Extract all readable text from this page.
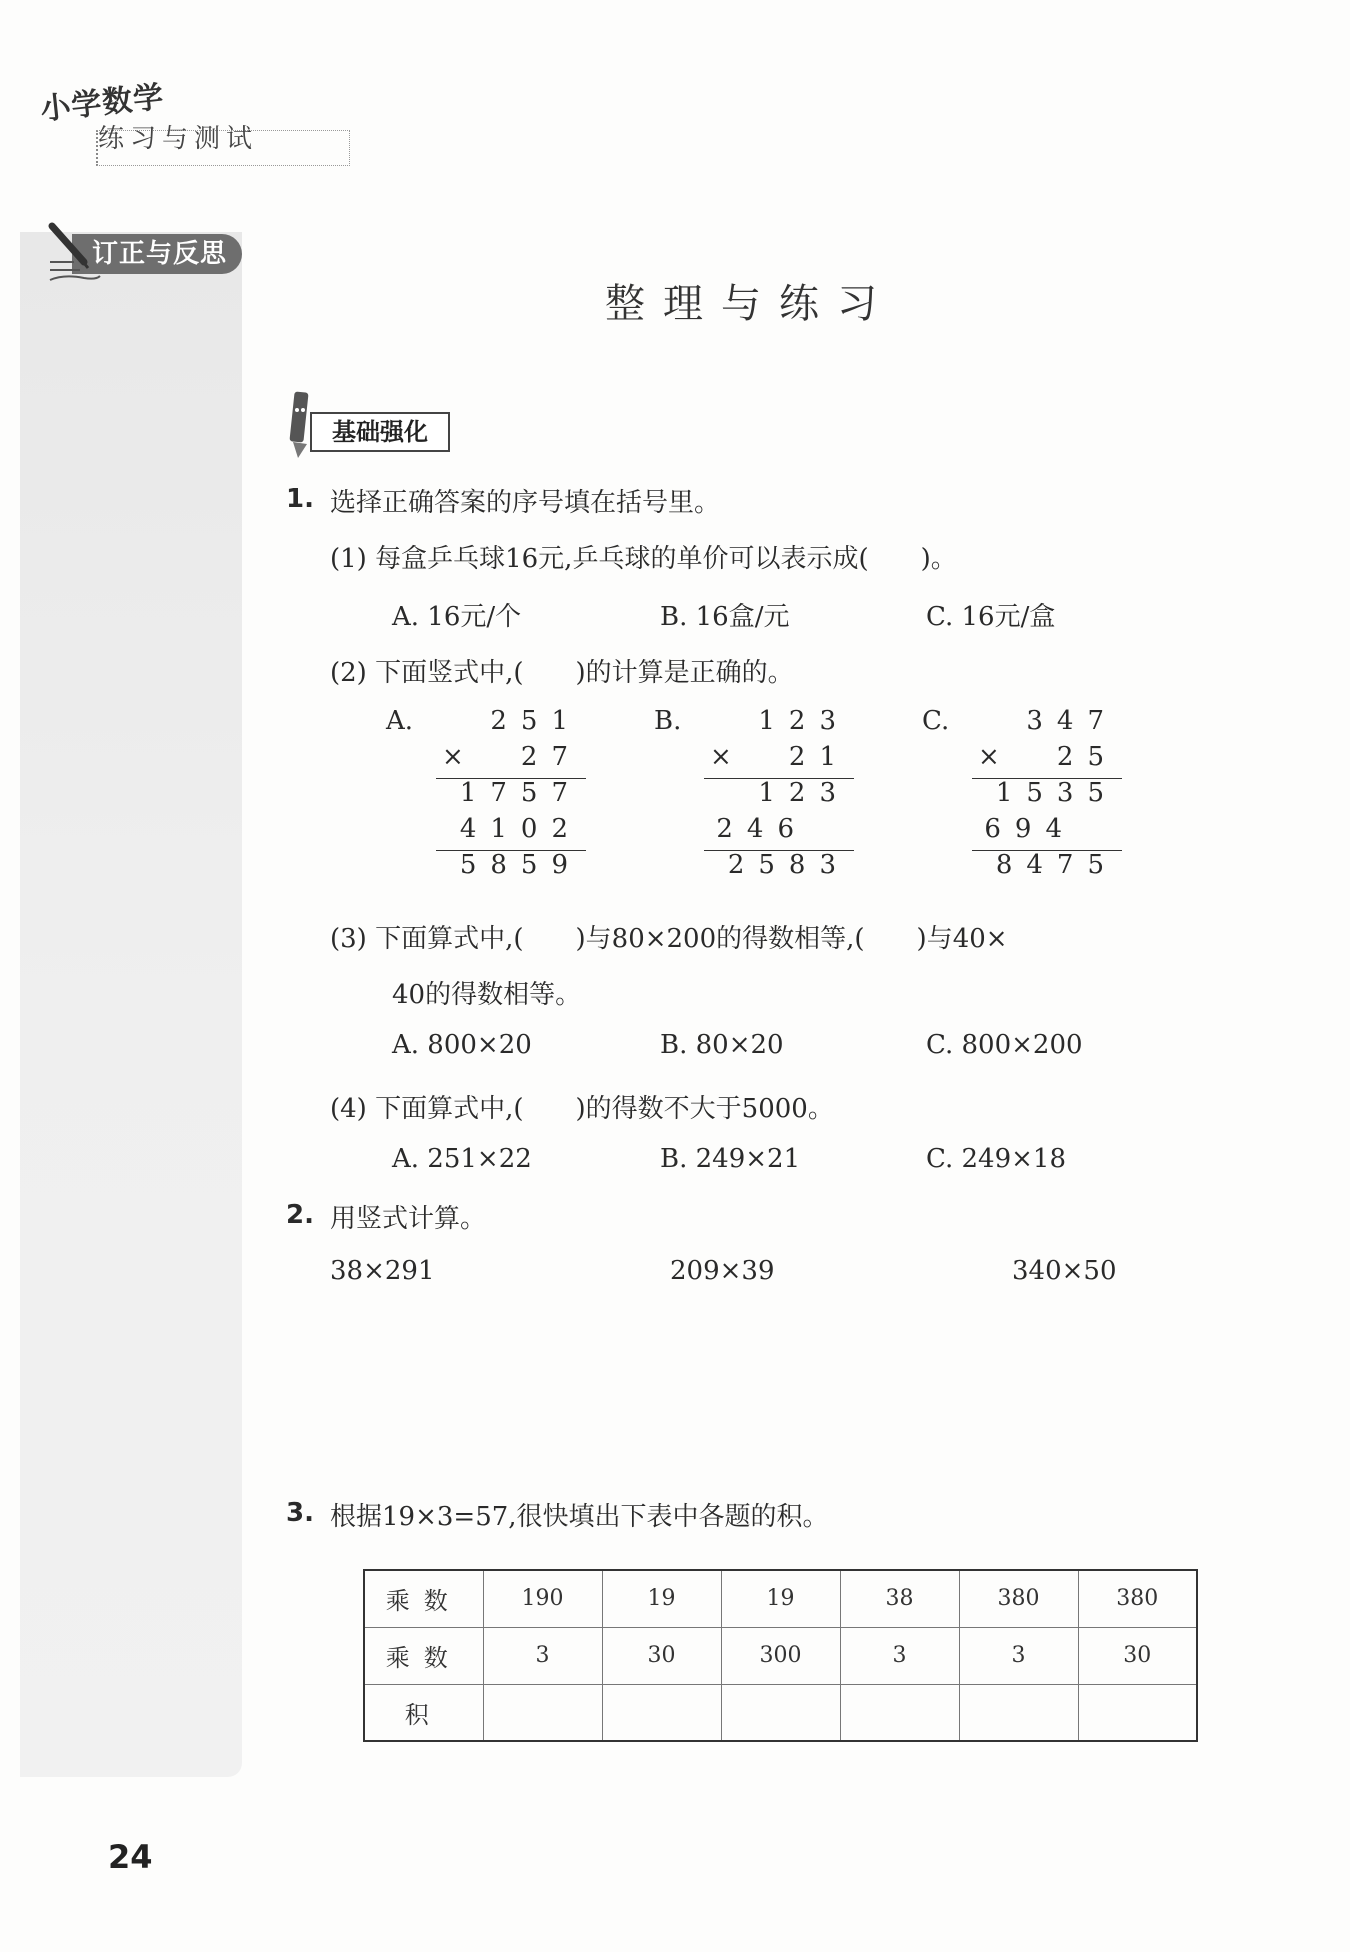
小学数学
练习与测试
订正与反思
整理与练习
基础强化
1. 选择正确答案的序号填在括号里。
(1) 每盒乒乓球16元,乒乓球的单价可以表示成(　　)。
A. 16元/个	B. 16盒/元	C. 16元/盒
(2) 下面竖式中,(　　)的计算是正确的。
A.	251
× 27
1757
4102
5859
B.	123
× 21
123
246
2583
C.	347
× 25
1535
694
8475
(3) 下面算式中,(　　)与80×200的得数相等,(　　)与40×
40的得数相等。
A. 800×20	B. 80×20	C. 800×200
(4) 下面算式中,(　　)的得数不大于5000。
A. 251×22	B. 249×21	C. 249×18
2. 用竖式计算。
38×291	209×39	340×50
3. 根据19×3=57,很快填出下表中各题的积。
乘数	190	19	19	38	380	380
乘数	3	30	300	3	3	30
积						
24
